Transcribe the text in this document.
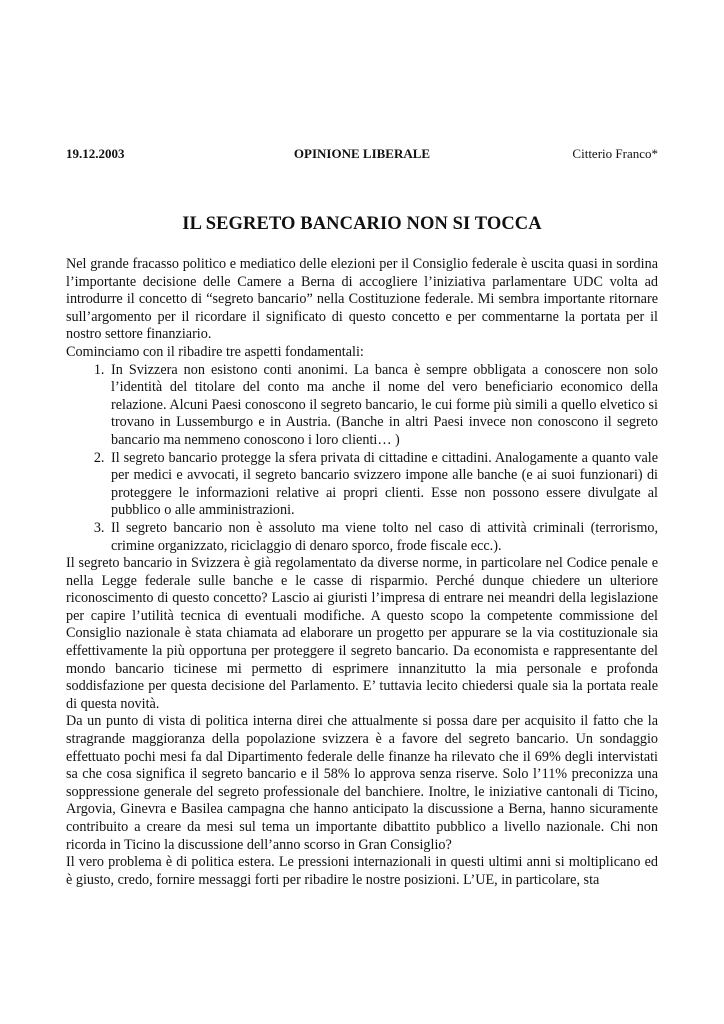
19.12.2003	OPINIONE LIBERALE	Citterio Franco*
IL SEGRETO BANCARIO NON SI TOCCA

Nel grande fracasso politico e mediatico delle elezioni per il Consiglio federale è uscita quasi in sordina l’importante decisione delle Camere a Berna di accogliere l’iniziativa parlamentare UDC volta ad introdurre il concetto di “segreto bancario” nella Costituzione federale. Mi sembra importante ritornare sull’argomento per il ricordare il significato di questo concetto e per commentarne la portata per il nostro settore finanziario.

Cominciamo con il ribadire tre aspetti fondamentali:

1. In Svizzera non esistono conti anonimi. La banca è sempre obbligata a conoscere non solo l’identità del titolare del conto ma anche il nome del vero beneficiario economico della relazione. Alcuni Paesi conoscono il segreto bancario, le cui forme più simili a quello elvetico si trovano in Lussemburgo e in Austria. (Banche in altri Paesi invece non conoscono il segreto bancario ma nemmeno conoscono i loro clienti… )
2. Il segreto bancario protegge la sfera privata di cittadine e cittadini. Analogamente a quanto vale per medici e avvocati, il segreto bancario svizzero impone alle banche (e ai suoi funzionari) di proteggere le informazioni relative ai propri clienti. Esse non possono essere divulgate al pubblico o alle amministrazioni.
3. Il segreto bancario non è assoluto ma viene tolto nel caso di attività criminali (terrorismo, crimine organizzato, riciclaggio di denaro sporco, frode fiscale ecc.).

Il segreto bancario in Svizzera è già regolamentato da diverse norme, in particolare nel Codice penale e nella Legge federale sulle banche e le casse di risparmio. Perché dunque chiedere un ulteriore riconoscimento di questo concetto? Lascio ai giuristi l’impresa di entrare nei meandri della legislazione per capire l’utilità tecnica di eventuali modifiche. A questo scopo la competente commissione del Consiglio nazionale è stata chiamata ad elaborare un progetto per appurare se la via costituzionale sia effettivamente la più opportuna per proteggere il segreto bancario. Da economista e rappresentante del mondo bancario ticinese mi permetto di esprimere innanzitutto la mia personale e profonda soddisfazione per questa decisione del Parlamento. E’ tuttavia lecito chiedersi quale sia la portata reale di questa novità.

Da un punto di vista di politica interna direi che attualmente si possa dare per acquisito il fatto che la stragrande maggioranza della popolazione svizzera è a favore del segreto bancario. Un sondaggio effettuato pochi mesi fa dal Dipartimento federale delle finanze ha rilevato che il 69% degli intervistati sa che cosa significa il segreto bancario e il 58% lo approva senza riserve. Solo l’11% preconizza una soppressione generale del segreto professionale del banchiere. Inoltre, le iniziative cantonali di Ticino, Argovia, Ginevra e Basilea campagna che hanno anticipato la discussione a Berna, hanno sicuramente contribuito a creare da mesi sul tema un importante dibattito pubblico a livello nazionale. Chi non ricorda in Ticino la discussione dell’anno scorso in Gran Consiglio?

Il vero problema è di politica estera. Le pressioni internazionali in questi ultimi anni si moltiplicano ed è giusto, credo, fornire messaggi forti per ribadire le nostre posizioni. L’UE, in particolare, sta
